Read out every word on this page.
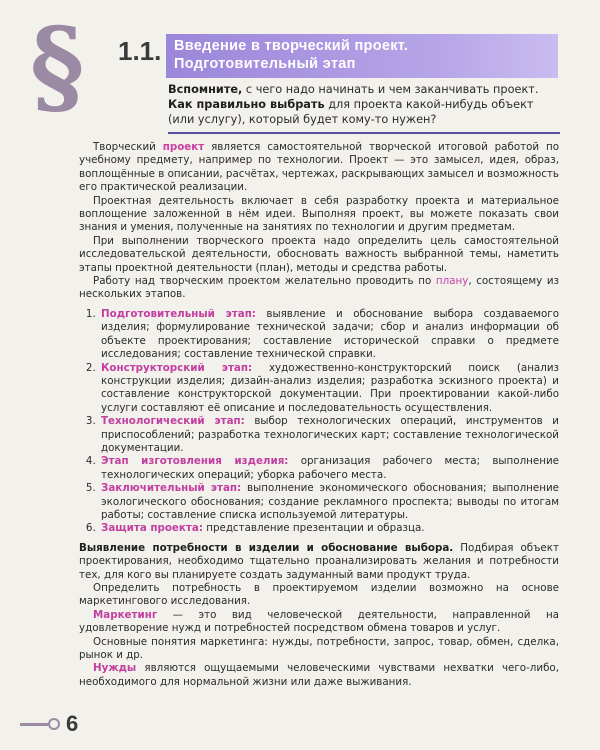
§ 1.1. Введение в творческий проект.
Подготовительный этап
Вспомните, с чего надо начинать и чем заканчивать проект.
Как правильно выбрать для проекта какой-нибудь объект (или услугу), который будет кому-то нужен?

Творческий проект является самостоятельной творческой итоговой работой по учебному предмету, например по технологии. Проект — это замысел, идея, образ, воплощённые в описании, расчётах, чертежах, раскрывающих замысел и возможность его практической реализации.

Проектная деятельность включает в себя разработку проекта и материальное воплощение заложенной в нём идеи. Выполняя проект, вы можете показать свои знания и умения, полученные на занятиях по технологии и другим предметам.

При выполнении творческого проекта надо определить цель самостоятельной исследовательской деятельности, обосновать важность выбранной темы, наметить этапы проектной деятельности (план), методы и средства работы.

Работу над творческим проектом желательно проводить по плану, состоящему из нескольких этапов.

1. Подготовительный этап: выявление и обоснование выбора создаваемого изделия; формулирование технической задачи; сбор и анализ информации об объекте проектирования; составление исторической справки о предмете исследования; составление технической справки.
2. Конструкторский этап: художественно-конструкторский поиск (анализ конструкции изделия; дизайн-анализ изделия; разработка эскизного проекта) и составление конструкторской документации. При проектировании какой-либо услуги составляют её описание и последовательность осуществления.
3. Технологический этап: выбор технологических операций, инструментов и приспособлений; разработка технологических карт; составление технологической документации.
4. Этап изготовления изделия: организация рабочего места; выполнение технологических операций; уборка рабочего места.
5. Заключительный этап: выполнение экономического обоснования; выполнение экологического обоснования; создание рекламного проспекта; выводы по итогам работы; составление списка используемой литературы.
6. Защита проекта: представление презентации и образца.

Выявление потребности в изделии и обоснование выбора. Подбирая объект проектирования, необходимо тщательно проанализировать желания и потребности тех, для кого вы планируете создать задуманный вами продукт труда.

Определить потребность в проектируемом изделии возможно на основе маркетингового исследования.

Маркетинг — это вид человеческой деятельности, направленной на удовлетворение нужд и потребностей посредством обмена товаров и услуг.

Основные понятия маркетинга: нужды, потребности, запрос, товар, обмен, сделка, рынок и др.

Нужды являются ощущаемыми человеческими чувствами нехватки чего-либо, необходимого для нормальной жизни или даже выживания.

6
